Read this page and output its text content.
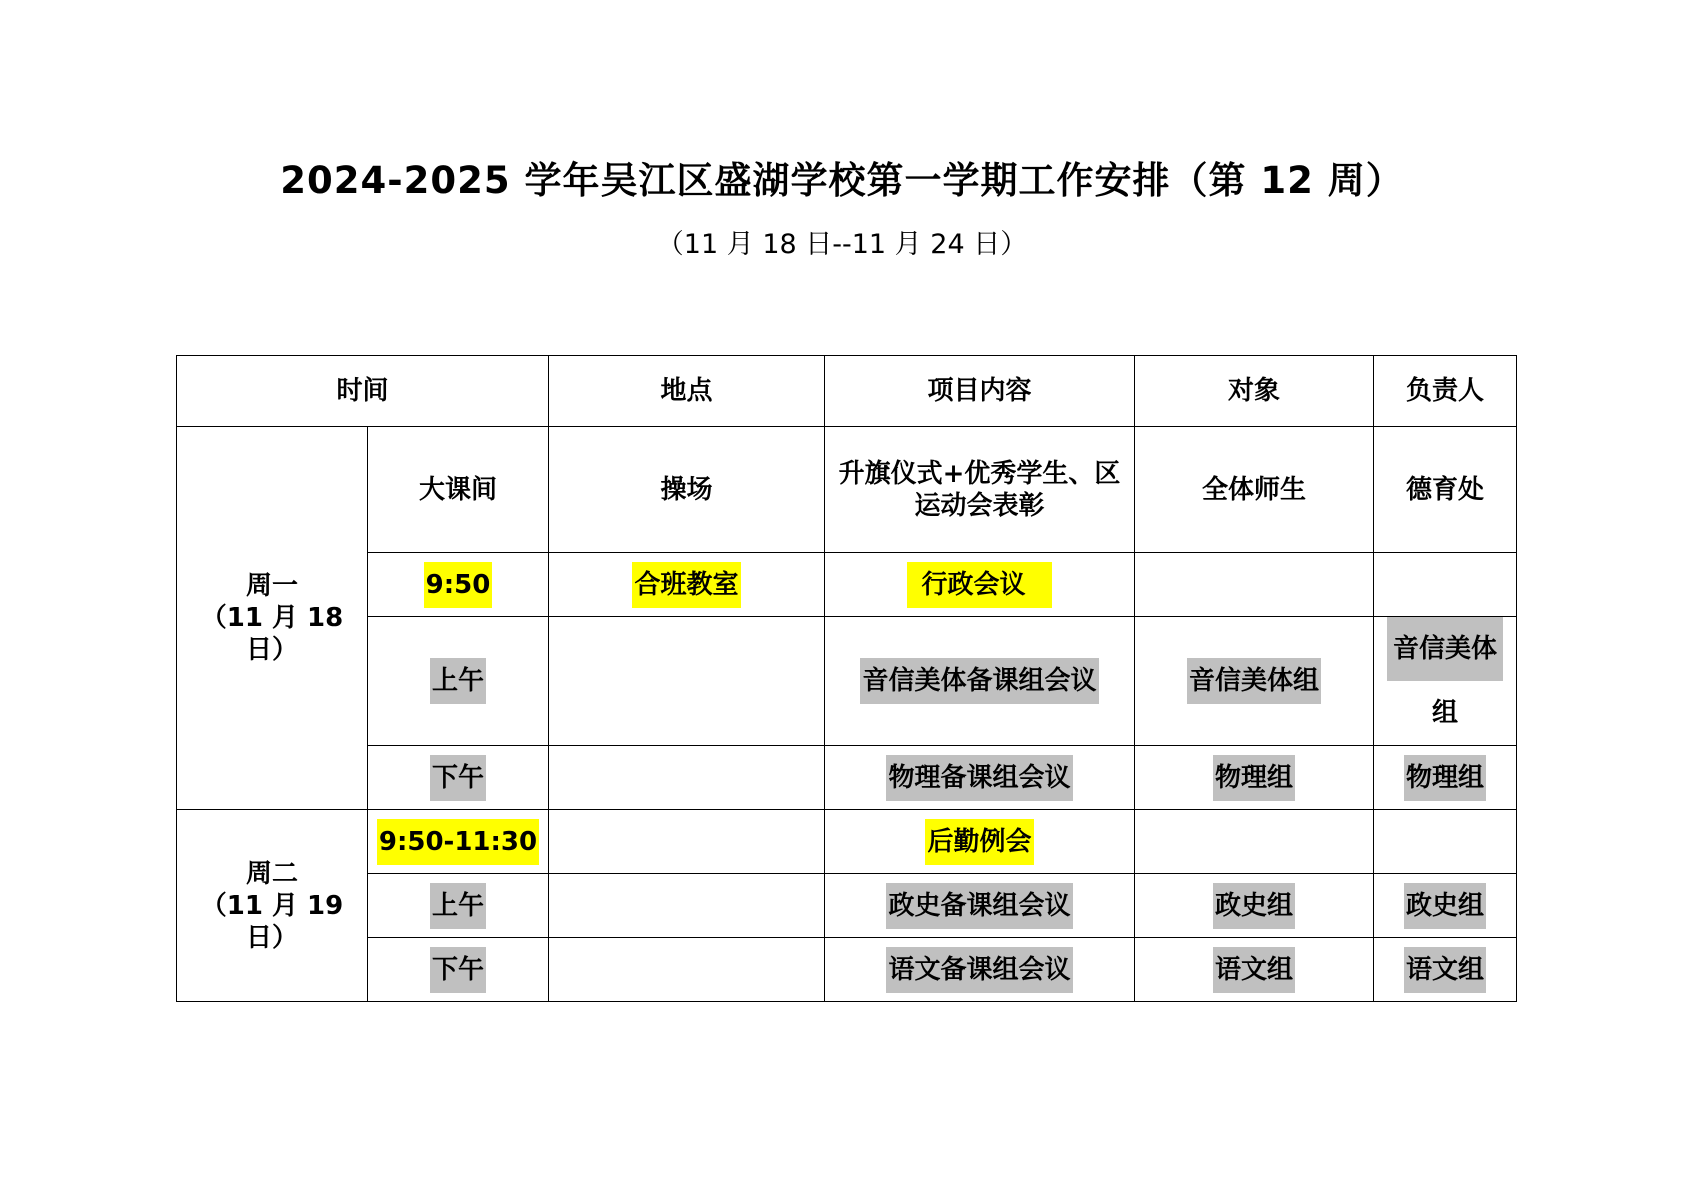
2024-2025 学年吴江区盛湖学校第一学期工作安排（第 12 周）
（11 月 18 日--11 月 24 日）
时间		地点	项目内容	对象	负责人
周一
（11 月 18 日）	大课间	操场	升旗仪式+优秀学生、区运动会表彰	全体师生	德育处
	9:50	合班教室	行政会议		
	上午		音信美体备课组会议	音信美体组	音信美体组
	下午		物理备课组会议	物理组	物理组
周二
（11 月 19 日）	9:50-11:30		后勤例会		
	上午		政史备课组会议	政史组	政史组
	下午		语文备课组会议	语文组	语文组
